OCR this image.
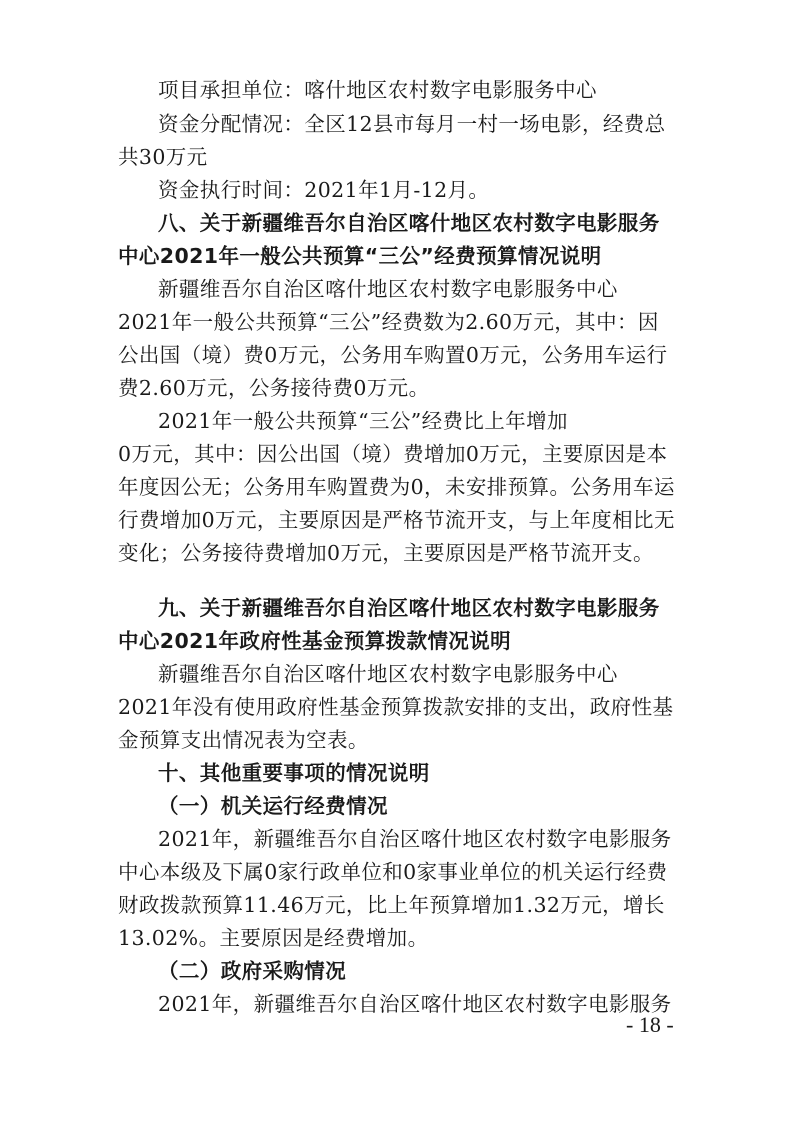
项目承担单位：喀什地区农村数字电影服务中心
资金分配情况：全区12县市每月一村一场电影，经费总
共30万元
资金执行时间：2021年1月-12月。
八、关于新疆维吾尔自治区喀什地区农村数字电影服务
中心2021年一般公共预算“三公”经费预算情况说明
新疆维吾尔自治区喀什地区农村数字电影服务中心
2021年一般公共预算“三公”经费数为2.60万元，其中：因
公出国（境）费0万元，公务用车购置0万元，公务用车运行
费2.60万元，公务接待费0万元。
2021年一般公共预算“三公”经费比上年增加
0万元，其中：因公出国（境）费增加0万元，主要原因是本
年度因公无；公务用车购置费为0，未安排预算。公务用车运
行费增加0万元，主要原因是严格节流开支，与上年度相比无
变化；公务接待费增加0万元，主要原因是严格节流开支。
九、关于新疆维吾尔自治区喀什地区农村数字电影服务
中心2021年政府性基金预算拨款情况说明
新疆维吾尔自治区喀什地区农村数字电影服务中心
2021年没有使用政府性基金预算拨款安排的支出，政府性基
金预算支出情况表为空表。
十、其他重要事项的情况说明
（一）机关运行经费情况
2021年，新疆维吾尔自治区喀什地区农村数字电影服务
中心本级及下属0家行政单位和0家事业单位的机关运行经费
财政拨款预算11.46万元，比上年预算增加1.32万元，增长
13.02%。主要原因是经费增加。
（二）政府采购情况
2021年，新疆维吾尔自治区喀什地区农村数字电影服务
- 18 -
